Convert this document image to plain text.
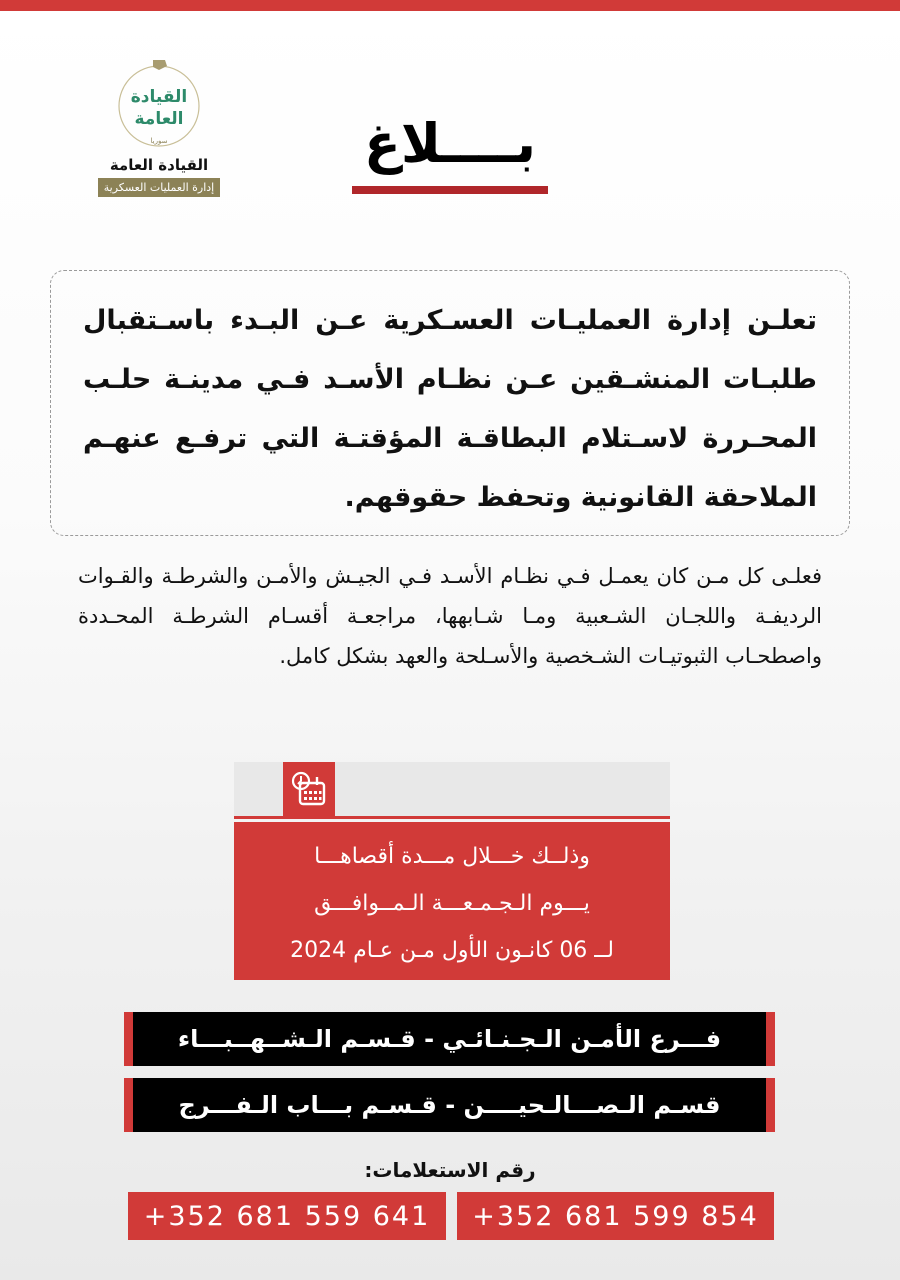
القيادة
العامة
سوريا
القيادة العامة
إدارة العمليات العسكرية
بــــلاغ

تعلـن إدارة العمليـات العسـكرية عـن البـدء باسـتقبال طلبـات المنشـقين عـن نظـام الأسـد فـي مدينـة حلـب المحـررة لاسـتلام البطاقـة المؤقتـة التي ترفـع عنهـم الملاحقة القانونية وتحفظ حقوقهم.

فعلـى كل مـن كان يعمـل فـي نظـام الأسـد فـي الجيـش والأمـن والشرطـة والقـوات الرديفـة واللجـان الشـعبية ومـا شـابهها، مراجعـة أقسـام الشرطـة المحـددة واصطحـاب الثبوتيـات الشـخصية والأسـلحة والعهد بشكل كامل.

وذلــك خـــلال مـــدة أقصاهـــا
يـــوم الـجـمـعـــة الـمــوافـــق
لــ 06 كانـون الأول مـن عـام 2024
فـــرع الأمـن الـجـنـائـي - قـسـم الـشــهــبـــاء
قسـم الـصـــالـحيــــن - قـسـم بـــاب الـفـــرج
رقم الاستعلامات:
+352 681 599 854
+352 681 559 641
